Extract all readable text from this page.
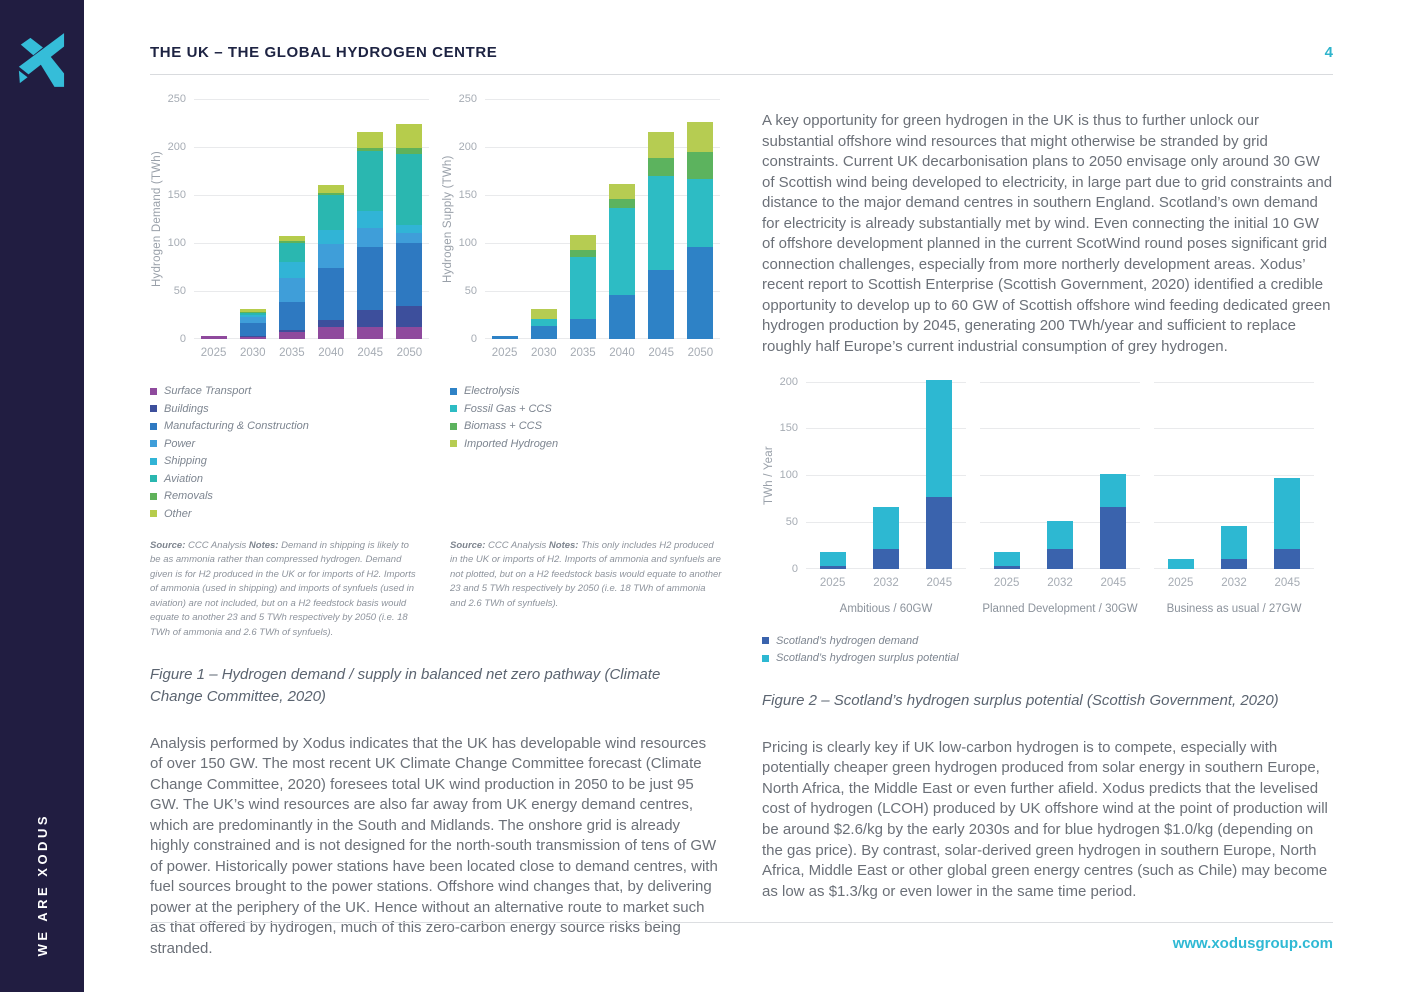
WE ARE XODUS
THE UK – THE GLOBAL HYDROGEN CENTRE	4
Hydrogen Demand (TWh)
0
50
100
150
200
250
2025 2030 2035 2040 2045 2050
Hydrogen Supply (TWh)
0
50
100
150
200
250
2025 2030 2035 2040 2045 2050
Surface Transport
Buildings
Manufacturing & Construction
Power
Shipping
Aviation
Removals
Other
Electrolysis
Fossil Gas + CCS
Biomass + CCS
Imported Hydrogen

Source: CCC Analysis Notes: Demand in shipping is likely to be as ammonia rather than compressed hydrogen. Demand given is for H2 produced in the UK or for imports of H2. Imports of ammonia (used in shipping) and imports of synfuels (used in aviation) are not included, but on a H2 feedstock basis would equate to another 23 and 5 TWh respectively by 2050 (i.e. 18 TWh of ammonia and 2.6 TWh of synfuels).

Source: CCC Analysis Notes: This only includes H2 produced in the UK or imports of H2. Imports of ammonia and synfuels are not plotted, but on a H2 feedstock basis would equate to another 23 and 5 TWh respectively by 2050 (i.e. 18 TWh of ammonia and 2.6 TWh of synfuels).

Figure 1 – Hydrogen demand / supply in balanced net zero pathway (Climate Change Committee, 2020)

Analysis performed by Xodus indicates that the UK has developable wind resources of over 150 GW. The most recent UK Climate Change Committee forecast (Climate Change Committee, 2020) foresees total UK wind production in 2050 to be just 95 GW. The UK’s wind resources are also far away from UK energy demand centres, which are predominantly in the South and Midlands. The onshore grid is already highly constrained and is not designed for the north-south transmission of tens of GW of power. Historically power stations have been located close to demand centres, with fuel sources brought to the power stations. Offshore wind changes that, by delivering power at the periphery of the UK. Hence without an alternative route to market such as that offered by hydrogen, much of this zero-carbon energy source risks being stranded.

A key opportunity for green hydrogen in the UK is thus to further unlock our substantial offshore wind resources that might otherwise be stranded by grid constraints. Current UK decarbonisation plans to 2050 envisage only around 30 GW of Scottish wind being developed to electricity, in large part due to grid constraints and distance to the major demand centres in southern England. Scotland’s own demand for electricity is already substantially met by wind. Even connecting the initial 10 GW of offshore development planned in the current ScotWind round poses significant grid connection challenges, especially from more northerly development areas. Xodus’ recent report to Scottish Enterprise (Scottish Government, 2020) identified a credible opportunity to develop up to 60 GW of Scottish offshore wind feeding dedicated green hydrogen production by 2045, generating 200 TWh/year and sufficient to replace roughly half Europe’s current industrial consumption of grey hydrogen.

TWh / Year
0
50
100
150
200
2025 2032 2045
Ambitious / 60GW
2025 2032 2045
Planned Development / 30GW
2025 2032 2045
Business as usual / 27GW
Scotland’s hydrogen demand
Scotland’s hydrogen surplus potential

Figure 2 – Scotland’s hydrogen surplus potential (Scottish Government, 2020)

Pricing is clearly key if UK low-carbon hydrogen is to compete, especially with potentially cheaper green hydrogen produced from solar energy in southern Europe, North Africa, the Middle East or even further afield. Xodus predicts that the levelised cost of hydrogen (LCOH) produced by UK offshore wind at the point of production will be around $2.6/kg by the early 2030s and for blue hydrogen $1.0/kg (depending on the gas price). By contrast, solar-derived green hydrogen in southern Europe, North Africa, Middle East or other global green energy centres (such as Chile) may become as low as $1.3/kg or even lower in the same time period.

www.xodusgroup.com
